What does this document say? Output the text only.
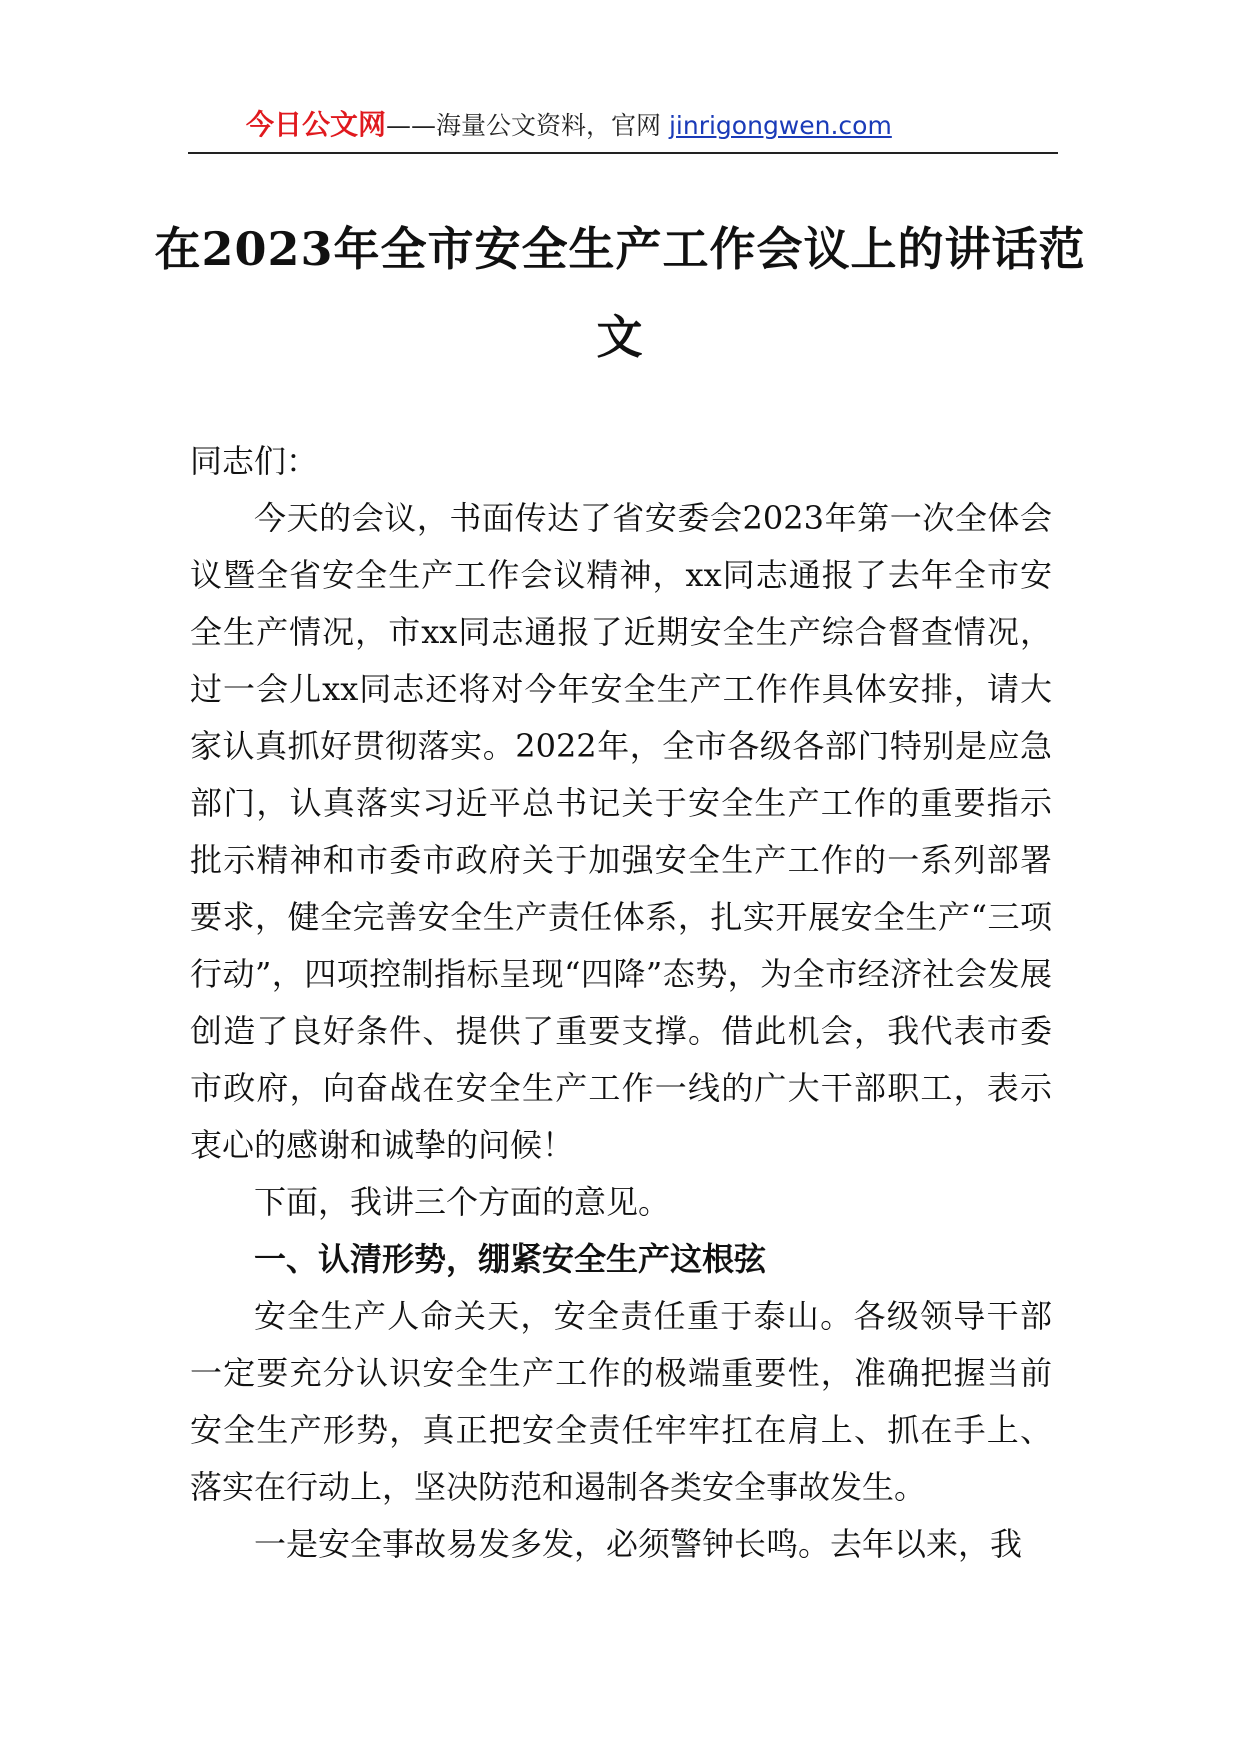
今日公文网——海量公文资料，官网 jinrigongwen.com
在2023年全市安全生产工作会议上的讲话范文

同志们：

今天的会议，书面传达了省安委会2023年第一次全体会议暨全省安全生产工作会议精神，xx同志通报了去年全市安全生产情况，市xx同志通报了近期安全生产综合督查情况，过一会儿xx同志还将对今年安全生产工作作具体安排，请大家认真抓好贯彻落实。2022年，全市各级各部门特别是应急部门，认真落实习近平总书记关于安全生产工作的重要指示批示精神和市委市政府关于加强安全生产工作的一系列部署要求，健全完善安全生产责任体系，扎实开展安全生产“三项行动”，四项控制指标呈现“四降”态势，为全市经济社会发展创造了良好条件、提供了重要支撑。借此机会，我代表市委市政府，向奋战在安全生产工作一线的广大干部职工，表示衷心的感谢和诚挚的问候！

下面，我讲三个方面的意见。

一、认清形势，绷紧安全生产这根弦

安全生产人命关天，安全责任重于泰山。各级领导干部一定要充分认识安全生产工作的极端重要性，准确把握当前安全生产形势，真正把安全责任牢牢扛在肩上、抓在手上、落实在行动上，坚决防范和遏制各类安全事故发生。

一是安全事故易发多发，必须警钟长鸣。去年以来，我
